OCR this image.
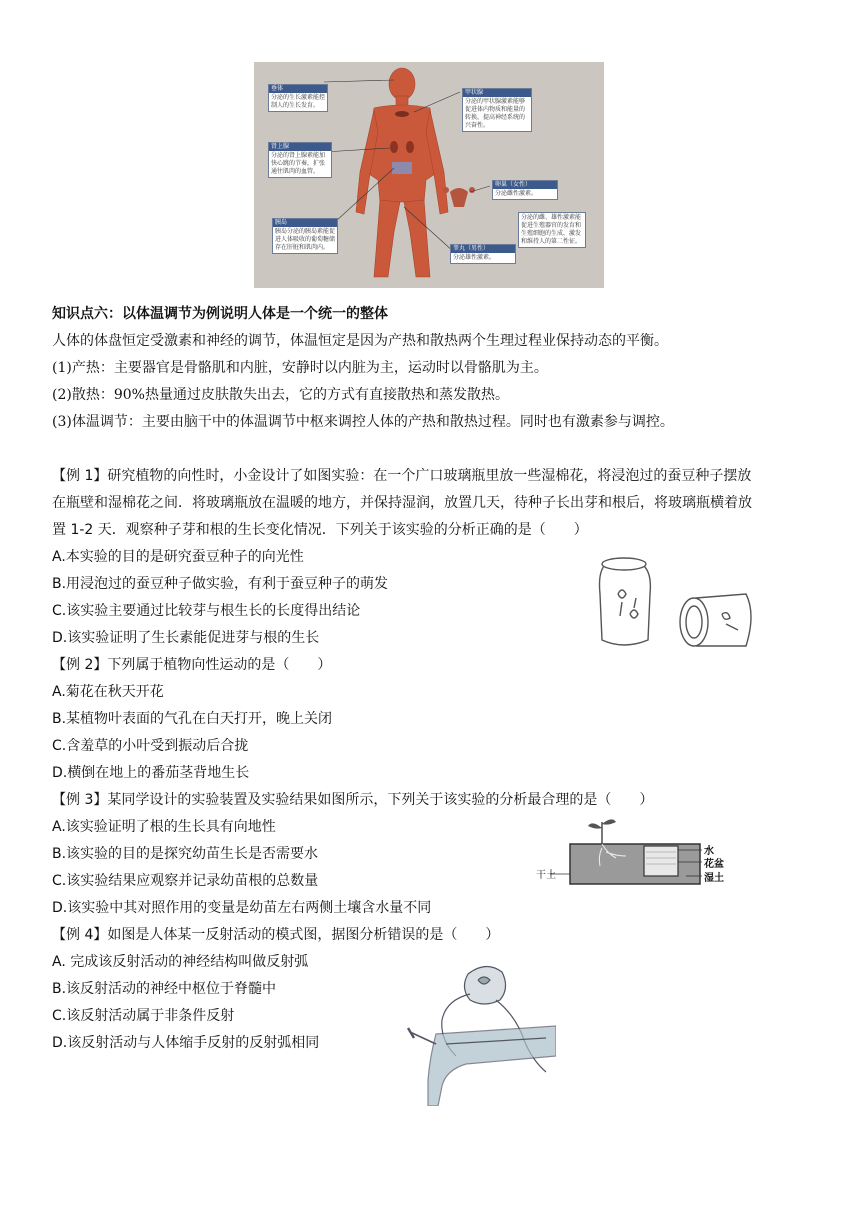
垂体
分泌的生长激素能控制人的生长发育。
甲状腺
分泌的甲状腺激素能够促进体内物质和能量的转换，提高神经系统的兴奋性。
肾上腺
分泌的肾上腺素能加快心跳的节奏，扩张通往肌肉的血管。
胰岛
胰岛分泌的胰岛素能促进人体吸收的葡萄糖储存在肝脏和肌肉内。
卵巢（女性）
分泌雌性激素。
睾丸（男性）
分泌雄性激素。
分泌的雌、雄性激素能促进生殖器官的发育和生殖细胞的生成，激发和维持人的第二性征。
知识点六：以体温调节为例说明人体是一个统一的整体
人体的体盘恒定受激素和神经的调节，体温恒定是因为产热和散热两个生理过程业保持动态的平衡。
(1)产热：主要器官是骨骼肌和内脏，安静时以内脏为主，运动时以骨骼肌为主。
(2)散热：90%热量通过皮肤散失出去，它的方式有直接散热和蒸发散热。
(3)体温调节：主要由脑干中的体温调节中枢来调控人体的产热和散热过程。同时也有激素参与调控。
【例 1】研究植物的向性时，小金设计了如图实验：在一个广口玻璃瓶里放一些湿棉花，将浸泡过的蚕豆种子摆放
在瓶壁和湿棉花之间．将玻璃瓶放在温暖的地方，并保持湿润，放置几天，待种子长出芽和根后，将玻璃瓶横着放
置 1-2 天．观察种子芽和根的生长变化情况．下列关于该实验的分析正确的是（　　）
A.本实验的目的是研究蚕豆种子的向光性
B.用浸泡过的蚕豆种子做实验，有利于蚕豆种子的萌发
C.该实验主要通过比较芽与根生长的长度得出结论
D.该实验证明了生长素能促进芽与根的生长
【例 2】下列属于植物向性运动的是（　　）
A.菊花在秋天开花
B.某植物叶表面的气孔在白天打开，晚上关闭
C.含羞草的小叶受到振动后合拢
D.横倒在地上的番茄茎背地生长
【例 3】某同学设计的实验装置及实验结果如图所示，下列关于该实验的分析最合理的是（　　）
A.该实验证明了根的生长具有向地性
B.该实验的目的是探究幼苗生长是否需要水
C.该实验结果应观察并记录幼苗根的总数量
D.该实验中其对照作用的变量是幼苗左右两侧土壤含水量不同
干土
水
花盆
湿土
【例 4】如图是人体某一反射活动的模式图，据图分析错误的是（　　）
A. 完成该反射活动的神经结构叫做反射弧
B.该反射活动的神经中枢位于脊髓中
C.该反射活动属于非条件反射
D.该反射活动与人体缩手反射的反射弧相同
